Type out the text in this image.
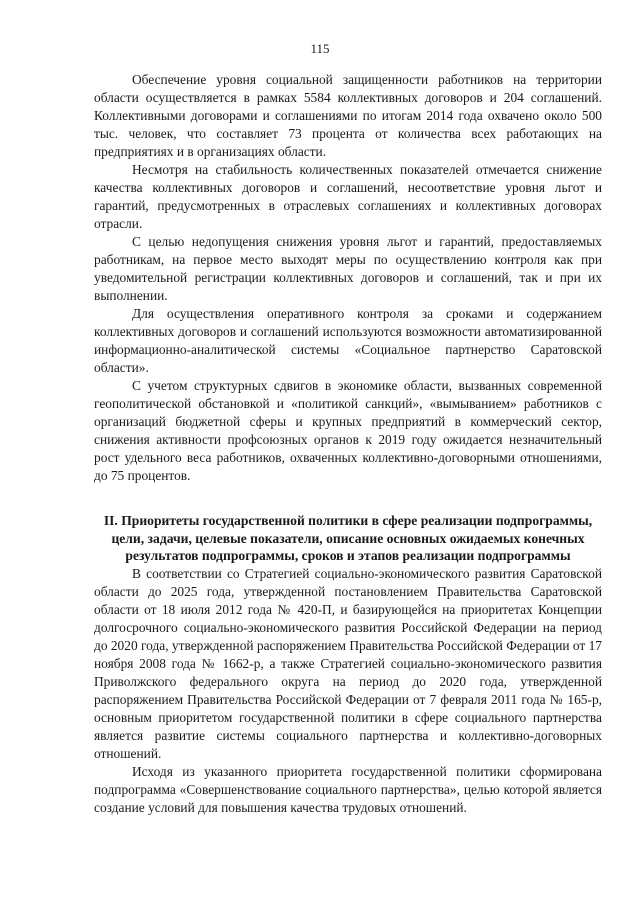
115

Обеспечение уровня социальной защищенности работников на территории области осуществляется в рамках 5584 коллективных договоров и 204 соглашений. Коллективными договорами и соглашениями по итогам 2014 года охвачено около 500 тыс. человек, что составляет 73 процента от количества всех работающих на предприятиях и в организациях области.

Несмотря на стабильность количественных показателей отмечается снижение качества коллективных договоров и соглашений, несоответствие уровня льгот и гарантий, предусмотренных в отраслевых соглашениях и коллективных договорах отрасли.

С целью недопущения снижения уровня льгот и гарантий, предоставляемых работникам, на первое место выходят меры по осуществлению контроля как при уведомительной регистрации коллективных договоров и соглашений, так и при их выполнении.

Для осуществления оперативного контроля за сроками и содержанием коллективных договоров и соглашений используются возможности автоматизированной информационно-аналитической системы «Социальное партнерство Саратовской области».

С учетом структурных сдвигов в экономике области, вызванных современной геополитической обстановкой и «политикой санкций», «вымыванием» работников с организаций бюджетной сферы и крупных предприятий в коммерческий сектор, снижения активности профсоюзных органов к 2019 году ожидается незначительный рост удельного веса работников, охваченных коллективно-договорными отношениями, до 75 процентов.

II. Приоритеты государственной политики в сфере реализации подпрограммы, цели, задачи, целевые показатели, описание основных ожидаемых конечных результатов подпрограммы, сроков и этапов реализации подпрограммы

В соответствии со Стратегией социально-экономического развития Саратовской области до 2025 года, утвержденной постановлением Правительства Саратовской области от 18 июля 2012 года № 420-П, и базирующейся на приоритетах Концепции долгосрочного социально-экономического развития Российской Федерации на период до 2020 года, утвержденной распоряжением Правительства Российской Федерации от 17 ноября 2008 года № 1662-р, а также Стратегией социально-экономического развития Приволжского федерального округа на период до 2020 года, утвержденной распоряжением Правительства Российской Федерации от 7 февраля 2011 года № 165-р, основным приоритетом государственной политики в сфере социального партнерства является развитие системы социального партнерства и коллективно-договорных отношений.

Исходя из указанного приоритета государственной политики сформирована подпрограмма «Совершенствование социального партнерства», целью которой является создание условий для повышения качества трудовых отношений.
